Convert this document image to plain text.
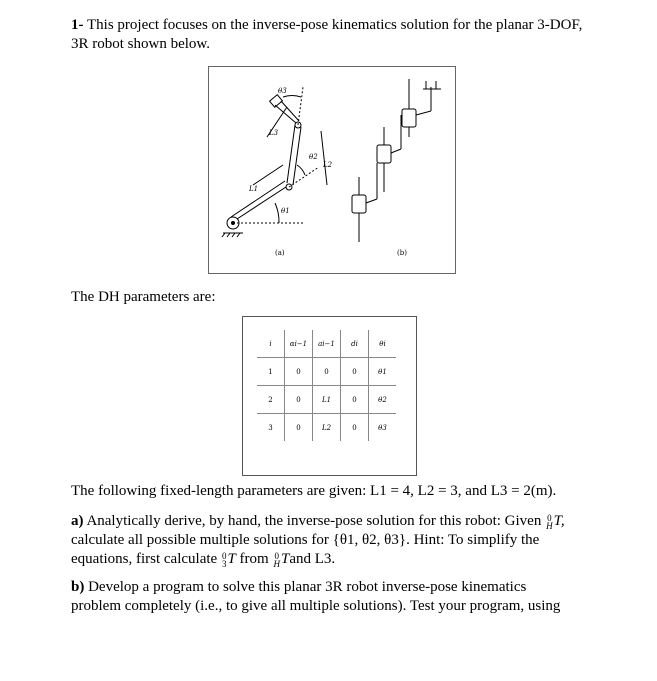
1- This project focuses on the inverse-pose kinematics solution for the planar 3-DOF, 3R robot shown below.
θ3
L3
θ2
L2
L1
θ1
(a)	(b)
The DH parameters are:
i	αi−1	ai−1	di	θi
1	0	0	0	θ1
2	0	L1	0	θ2
3	0	L2	0	θ3
The following fixed-length parameters are given: L1 = 4, L2 = 3, and L3 = 2(m).
a) Analytically derive, by hand, the inverse-pose solution for this robot: Given 0
HT,
calculate all possible multiple solutions for {θ1, θ2, θ3}. Hint: To simplify the
equations, first calculate 0
3T from 0
HTand L3.
b) Develop a program to solve this planar 3R robot inverse-pose kinematics
problem completely (i.e., to give all multiple solutions). Test your program, using
